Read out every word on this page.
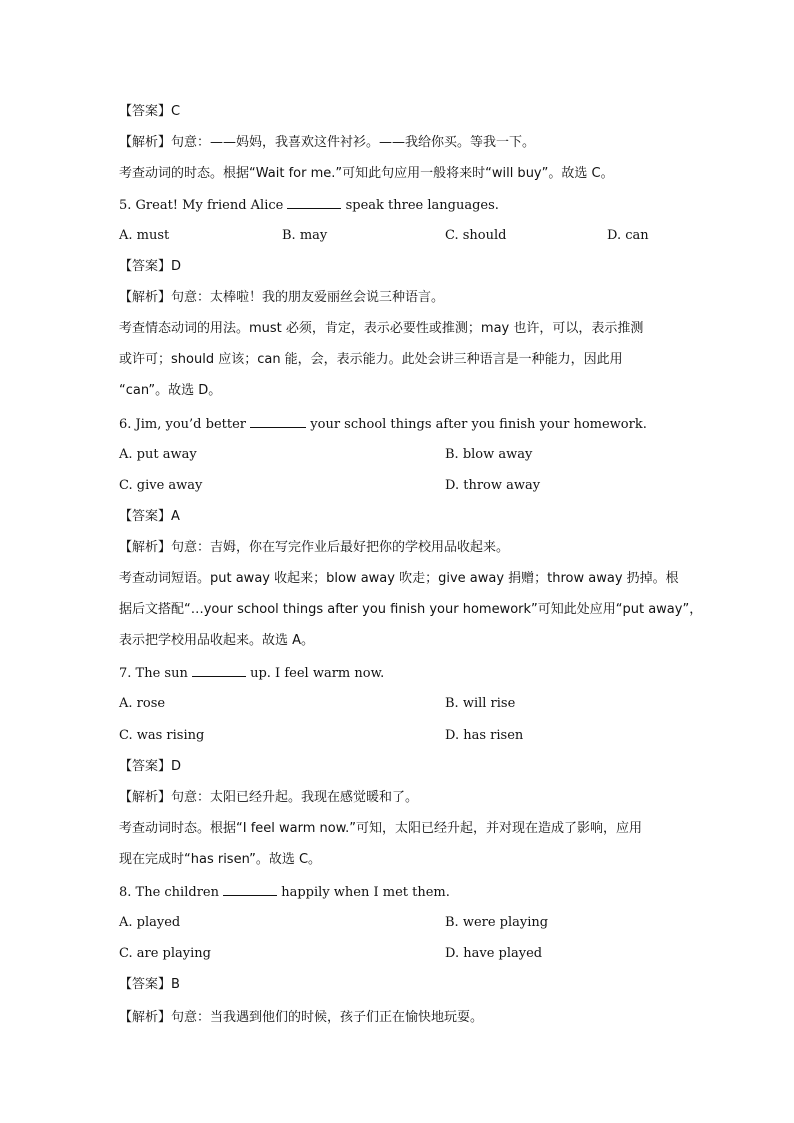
【答案】C
【解析】句意：——妈妈，我喜欢这件衬衫。——我给你买。等我一下。
考查动词的时态。根据“Wait for me.”可知此句应用一般将来时“will buy”。故选 C。
5. Great! My friend Alice	speak three languages.
A. must	B. may	C. should	D. can
【答案】D
【解析】句意：太棒啦！我的朋友爱丽丝会说三种语言。
考查情态动词的用法。must 必须，肯定，表示必要性或推测；may 也许，可以，表示推测
或许可；should 应该；can 能，会，表示能力。此处会讲三种语言是一种能力，因此用
“can”。故选 D。
6. Jim, you’d better	your school things after you finish your homework.
A. put away	B. blow away
C. give away	D. throw away
【答案】A
【解析】句意：吉姆，你在写完作业后最好把你的学校用品收起来。
考查动词短语。put away 收起来；blow away 吹走；give away 捐赠；throw away 扔掉。根
据后文搭配“…your school things after you finish your homework”可知此处应用“put away”，
表示把学校用品收起来。故选 A。
7. The sun	up. I feel warm now.
A. rose	B. will rise
C. was rising	D. has risen
【答案】D
【解析】句意：太阳已经升起。我现在感觉暖和了。
考查动词时态。根据“I feel warm now.”可知，太阳已经升起，并对现在造成了影响，应用
现在完成时“has risen”。故选 C。
8. The children	happily when I met them.
A. played	B. were playing
C. are playing	D. have played
【答案】B
【解析】句意：当我遇到他们的时候，孩子们正在愉快地玩耍。
